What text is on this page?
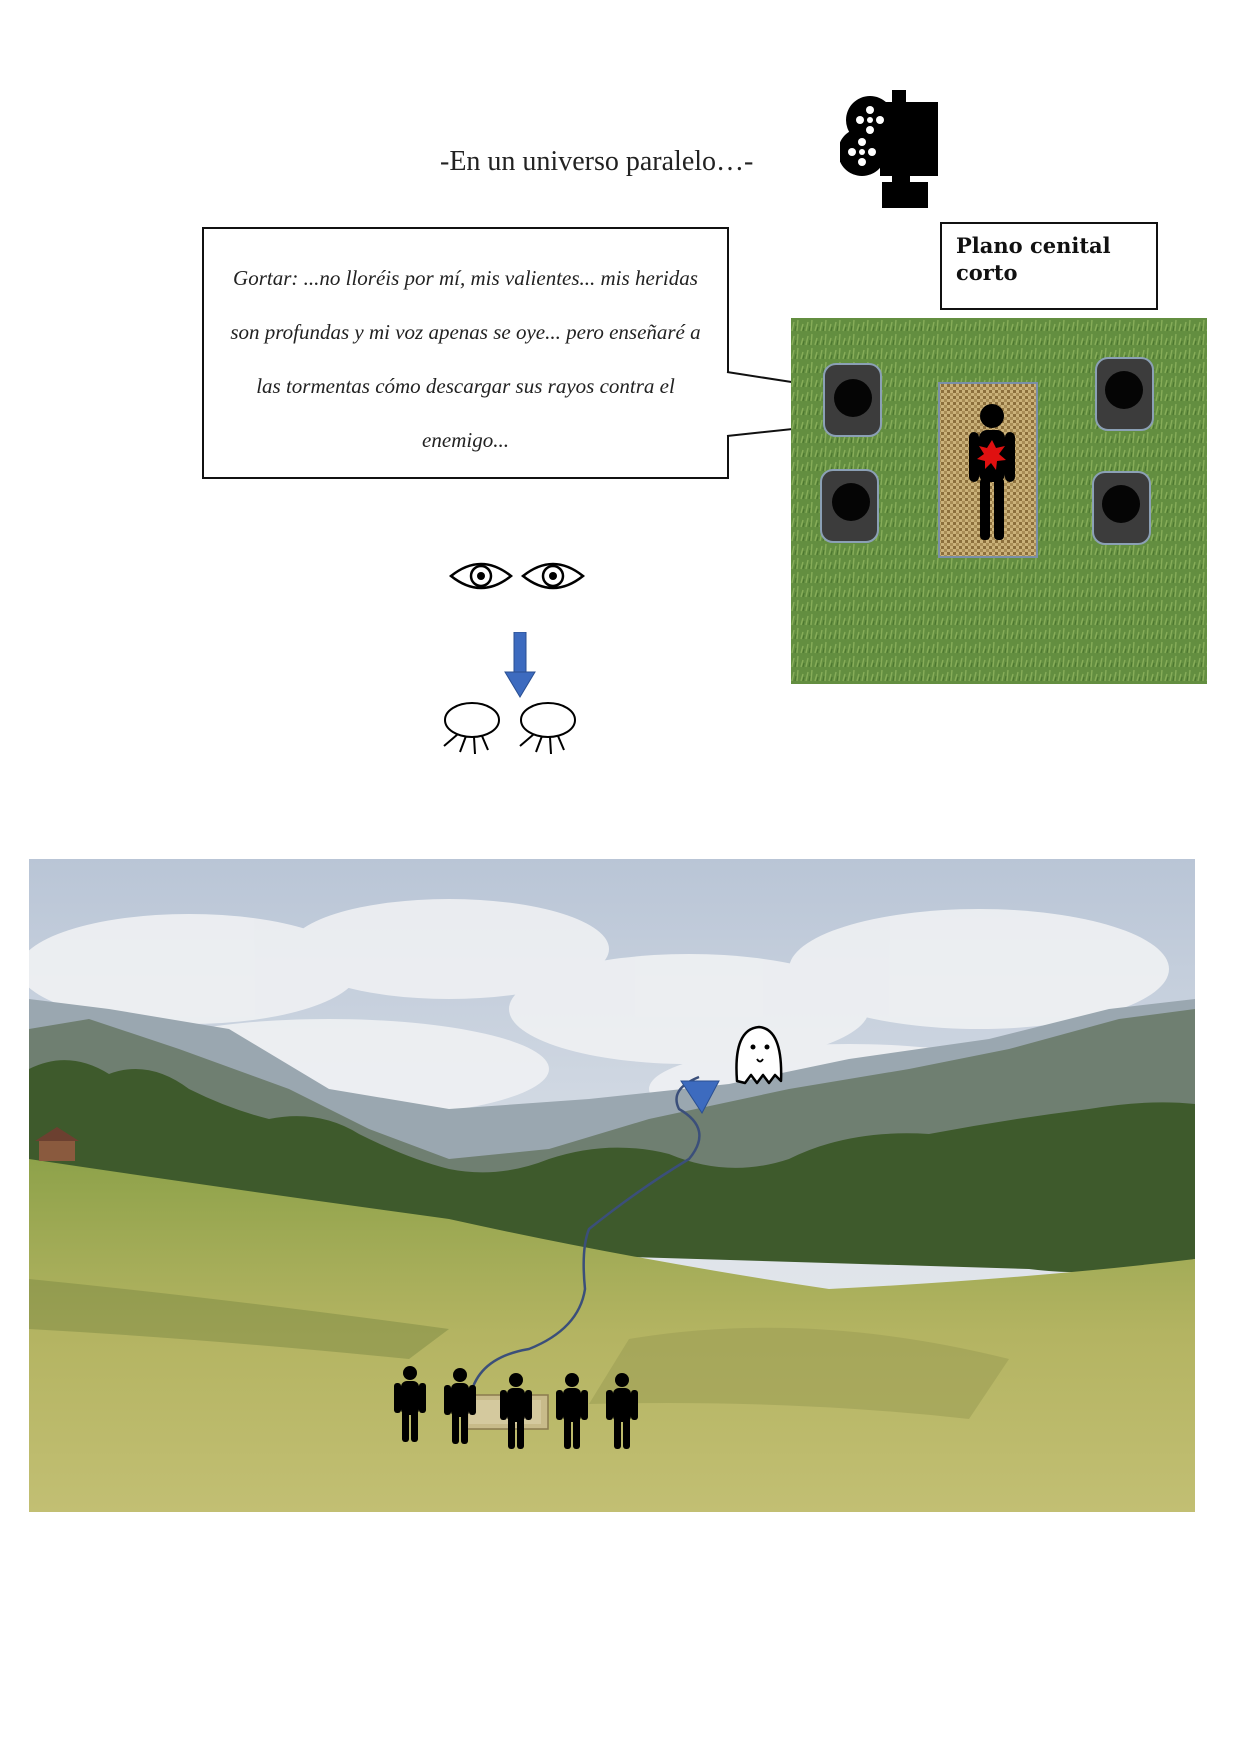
-En un universo paralelo…-
Plano cenital corto
Gortar: ...no lloréis por mí, mis valientes... mis heridas son profundas y mi voz apenas se oye... pero enseñaré a las tormentas cómo descargar sus rayos contra el enemigo...
